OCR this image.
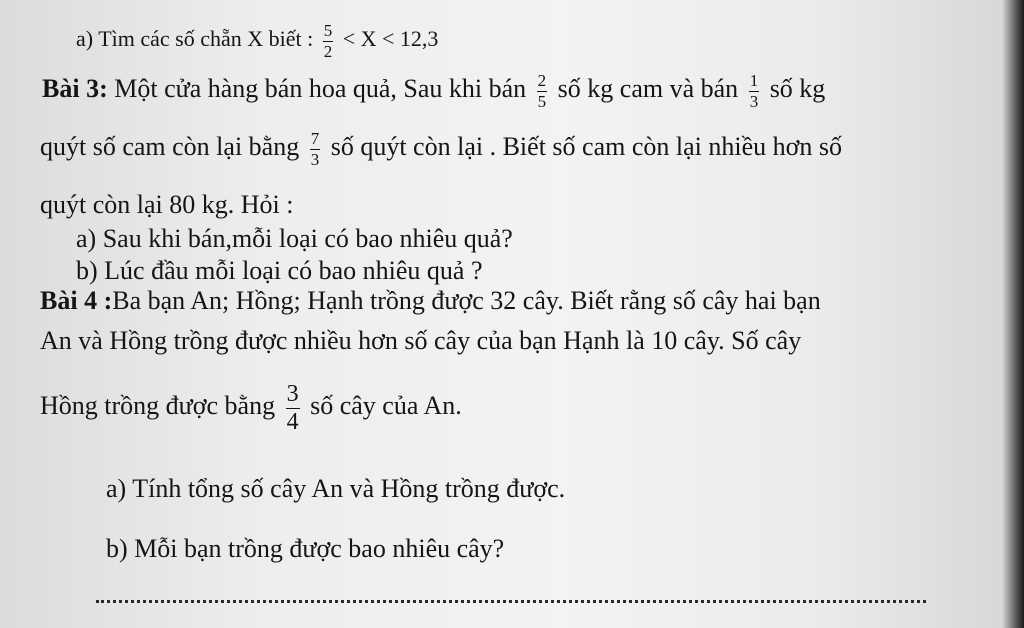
a) Tìm các số chẵn X biết : $\frac{5}{2} < X < 12,3$
Bài 3: Một cửa hàng bán hoa quả, Sau khi bán $\frac{2}{5}$ số kg cam và bán $\frac{1}{3}$ số kg
quýt số cam còn lại bằng $\frac{7}{3}$ số quýt còn lại . Biết số cam còn lại nhiều hơn số
quýt còn lại 80 kg. Hỏi :
a) Sau khi bán,mỗi loại có bao nhiêu quả?
b) Lúc đầu mỗi loại có bao nhiêu quả ?
Bài 4 :Ba bạn An; Hồng; Hạnh trồng được 32 cây. Biết rằng số cây hai bạn
An và Hồng trồng được nhiều hơn số cây của bạn Hạnh là 10 cây. Số cây
Hồng trồng được bằng $\frac{3}{4}$ số cây của An.
a) Tính tổng số cây An và Hồng trồng được.
b) Mỗi bạn trồng được bao nhiêu cây?
